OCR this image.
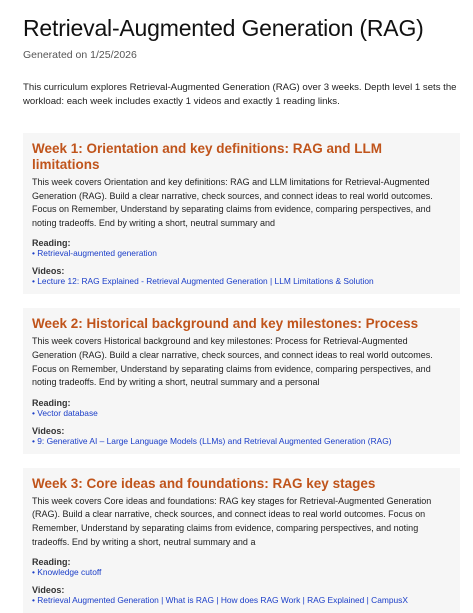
Retrieval-Augmented Generation (RAG)
Generated on 1/25/2026

This curriculum explores Retrieval-Augmented Generation (RAG) over 3 weeks. Depth level 1 sets the workload: each week includes exactly 1 videos and exactly 1 reading links.

Week 1: Orientation and key definitions: RAG and LLM limitations
This week covers Orientation and key definitions: RAG and LLM limitations for Retrieval-Augmented Generation (RAG). Build a clear narrative, check sources, and connect ideas to real world outcomes. Focus on Remember, Understand by separating claims from evidence, comparing perspectives, and noting tradeoffs. End by writing a short, neutral summary and
Reading:
• Retrieval-augmented generation
Videos:
• Lecture 12: RAG Explained - Retrieval Augmented Generation | LLM Limitations & Solution
Week 2: Historical background and key milestones: Process
This week covers Historical background and key milestones: Process for Retrieval-Augmented Generation (RAG). Build a clear narrative, check sources, and connect ideas to real world outcomes. Focus on Remember, Understand by separating claims from evidence, comparing perspectives, and noting tradeoffs. End by writing a short, neutral summary and a personal
Reading:
• Vector database
Videos:
• 9: Generative AI – Large Language Models (LLMs) and Retrieval Augmented Generation (RAG)
Week 3: Core ideas and foundations: RAG key stages
This week covers Core ideas and foundations: RAG key stages for Retrieval-Augmented Generation (RAG). Build a clear narrative, check sources, and connect ideas to real world outcomes. Focus on Remember, Understand by separating claims from evidence, comparing perspectives, and noting tradeoffs. End by writing a short, neutral summary and a
Reading:
• Knowledge cutoff
Videos:
• Retrieval Augmented Generation | What is RAG | How does RAG Work | RAG Explained | CampusX
